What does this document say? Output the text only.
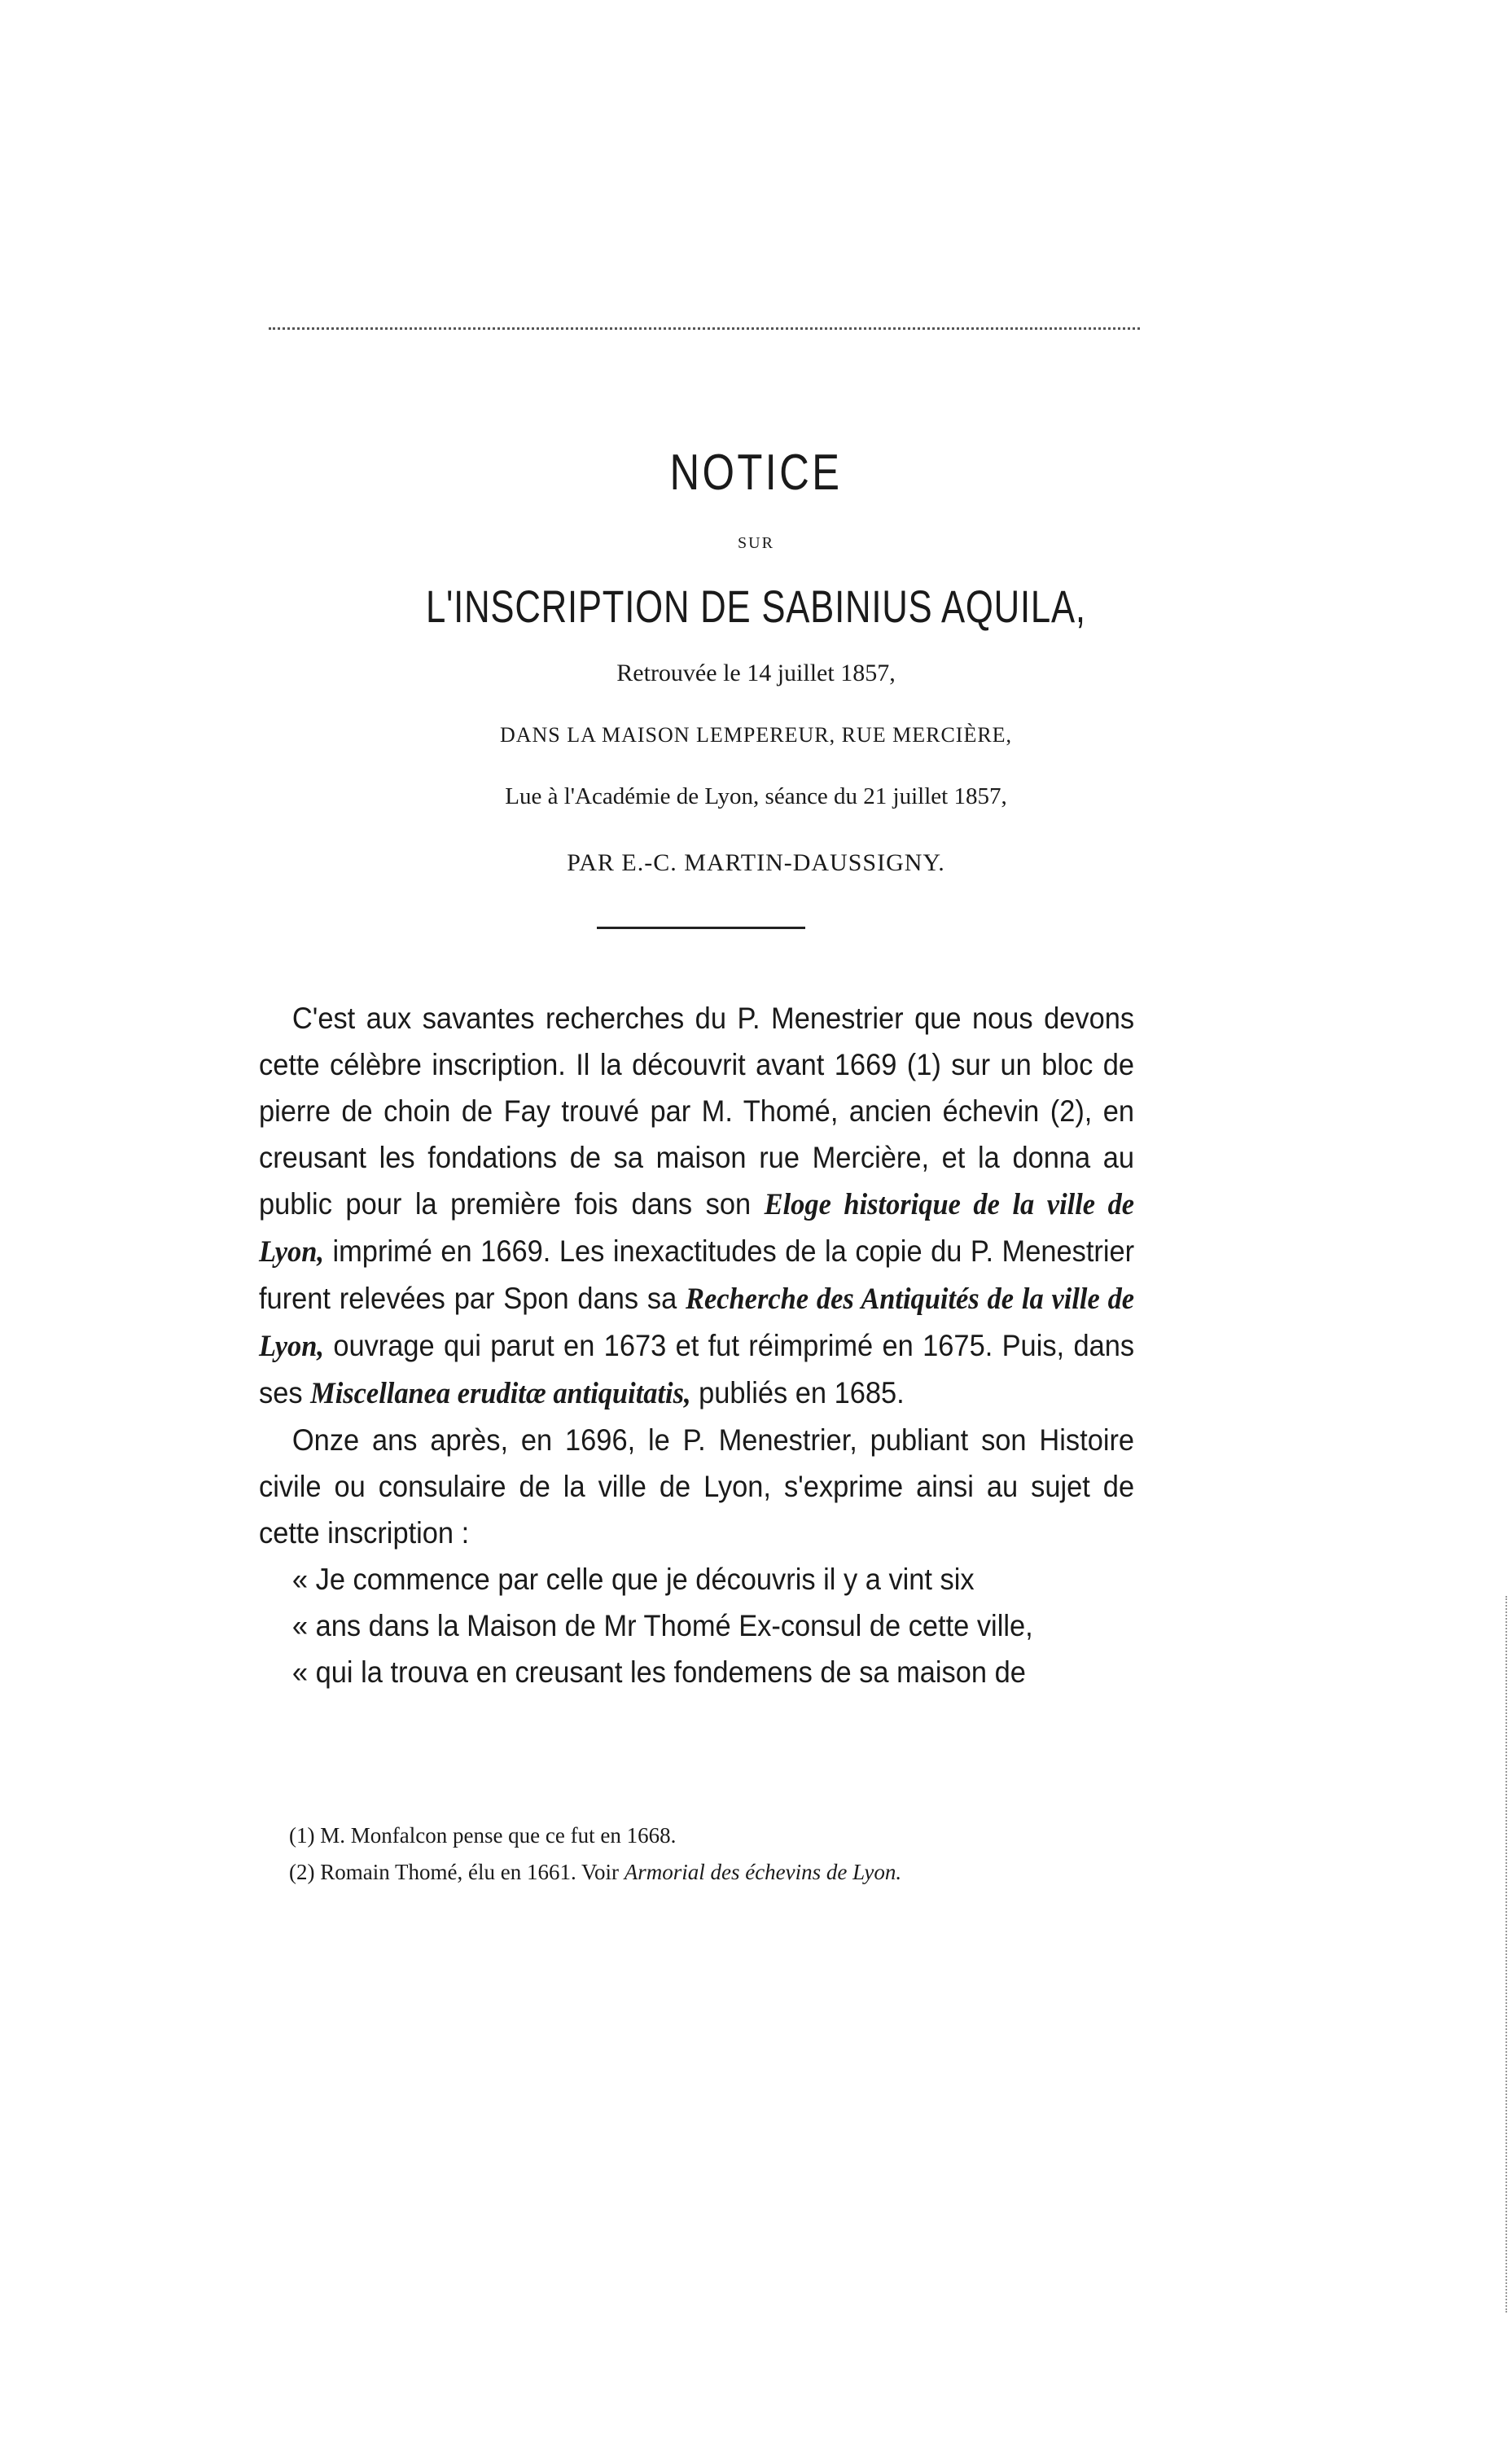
NOTICE
SUR
L'INSCRIPTION DE SABINIUS AQUILA,
Retrouvée le 14 juillet 1857,
DANS LA MAISON LEMPEREUR, RUE MERCIÈRE,
Lue à l'Académie de Lyon, séance du 21 juillet 1857,
PAR E.-C. MARTIN-DAUSSIGNY.

C'est aux savantes recherches du P. Menestrier que nous devons cette célèbre inscription. Il la découvrit avant 1669 (1) sur un bloc de pierre de choin de Fay trouvé par M. Thomé, ancien échevin (2), en creusant les fondations de sa maison rue Mercière, et la donna au public pour la première fois dans son Eloge historique de la ville de Lyon, imprimé en 1669. Les inexactitudes de la copie du P. Menestrier furent relevées par Spon dans sa Recherche des Antiquités de la ville de Lyon, ouvrage qui parut en 1673 et fut réimprimé en 1675. Puis, dans ses Miscellanea eruditæ antiquitatis, publiés en 1685.

Onze ans après, en 1696, le P. Menestrier, publiant son Histoire civile ou consulaire de la ville de Lyon, s'exprime ainsi au sujet de cette inscription :

« Je commence par celle que je découvris il y a vint six

« ans dans la Maison de Mr Thomé Ex-consul de cette ville,

« qui la trouva en creusant les fondemens de sa maison de

(1) M. Monfalcon pense que ce fut en 1668.
(2) Romain Thomé, élu en 1661. Voir Armorial des échevins de Lyon.
